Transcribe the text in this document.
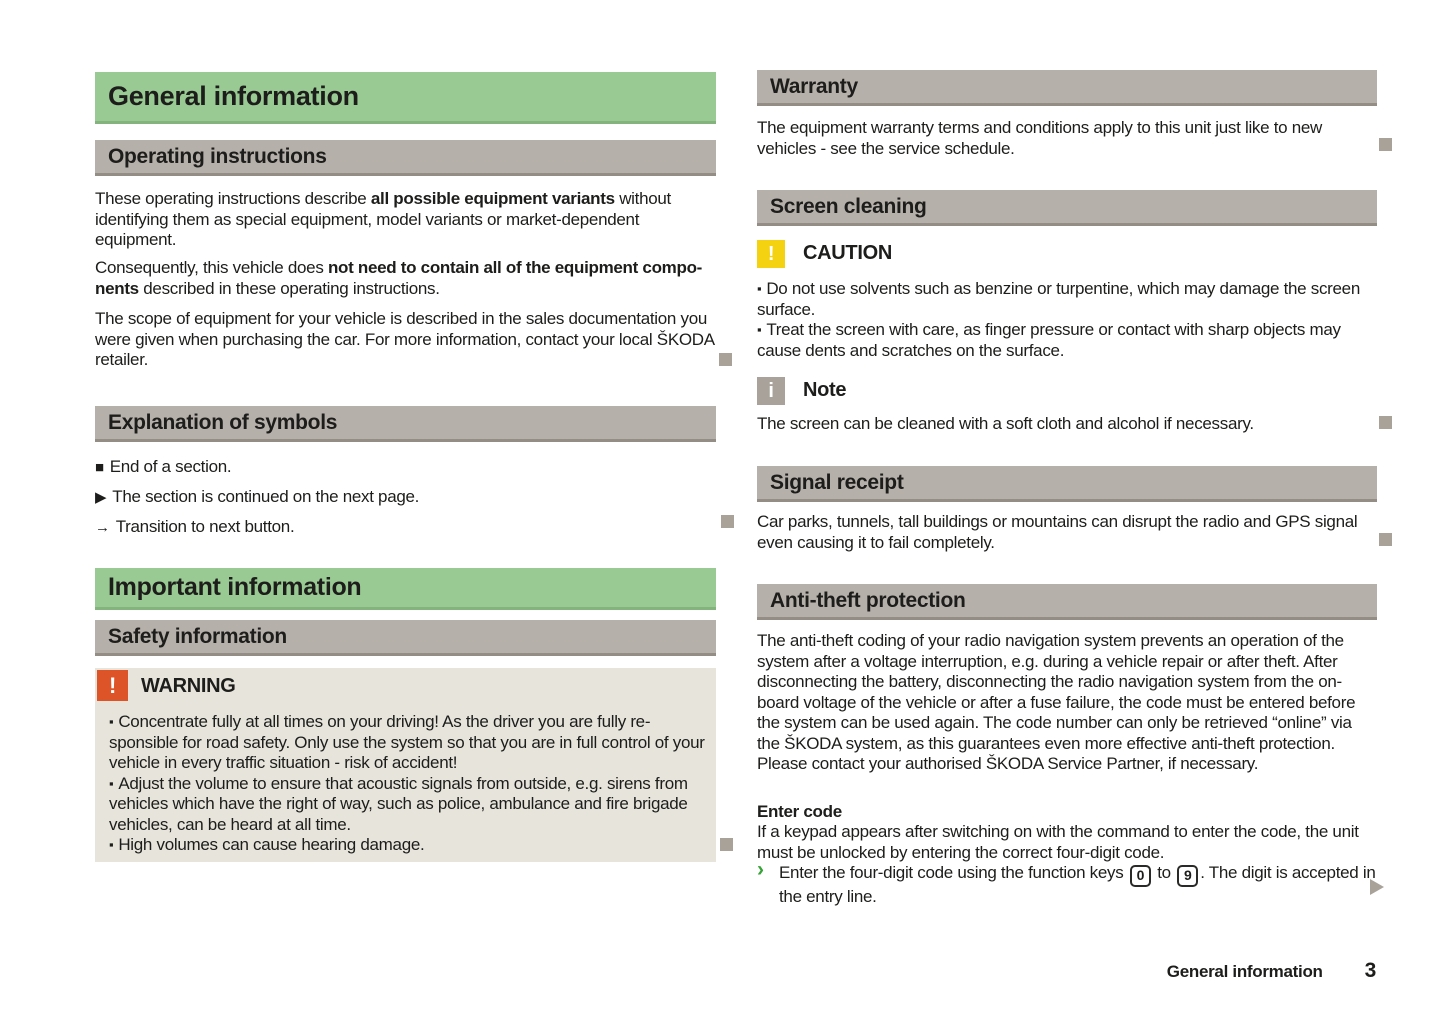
General information
Operating instructions

These operating instructions describe all possible equipment variants without identifying them as special equipment, model variants or market-dependent equipment.

Consequently, this vehicle does not need to contain all of the equipment components described in these operating instructions.

The scope of equipment for your vehicle is described in the sales documentation you were given when purchasing the car. For more information, contact your local ŠKODA retailer.

Explanation of symbols
■ End of a section.
▶ The section is continued on the next page.
→ Transition to next button.
Important information
Safety information
! WARNING

▪ Concentrate fully at all times on your driving! As the driver you are fully responsible for road safety. Only use the system so that you are in full control of your vehicle in every traffic situation - risk of accident!

▪ Adjust the volume to ensure that acoustic signals from outside, e.g. sirens from vehicles which have the right of way, such as police, ambulance and fire brigade vehicles, can be heard at all time.

▪ High volumes can cause hearing damage.

Warranty

The equipment warranty terms and conditions apply to this unit just like to new vehicles - see the service schedule.

Screen cleaning
! CAUTION

▪ Do not use solvents such as benzine or turpentine, which may damage the screen surface.

▪ Treat the screen with care, as finger pressure or contact with sharp objects may cause dents and scratches on the surface.

i Note

The screen can be cleaned with a soft cloth and alcohol if necessary.

Signal receipt

Car parks, tunnels, tall buildings or mountains can disrupt the radio and GPS signal even causing it to fail completely.

Anti-theft protection

The anti-theft coding of your radio navigation system prevents an operation of the system after a voltage interruption, e.g. during a vehicle repair or after theft. After disconnecting the battery, disconnecting the radio navigation system from the on-board voltage of the vehicle or after a fuse failure, the code must be entered before the system can be used again. The code number can only be retrieved “online” via the ŠKODA system, as this guarantees even more effective anti-theft protection. Please contact your authorised ŠKODA Service Partner, if necessary.

Enter code

If a keypad appears after switching on with the command to enter the code, the unit must be unlocked by entering the correct four-digit code.

› Enter the four-digit code using the function keys 0 to 9 . The digit is accepted in the entry line.

General information 3
